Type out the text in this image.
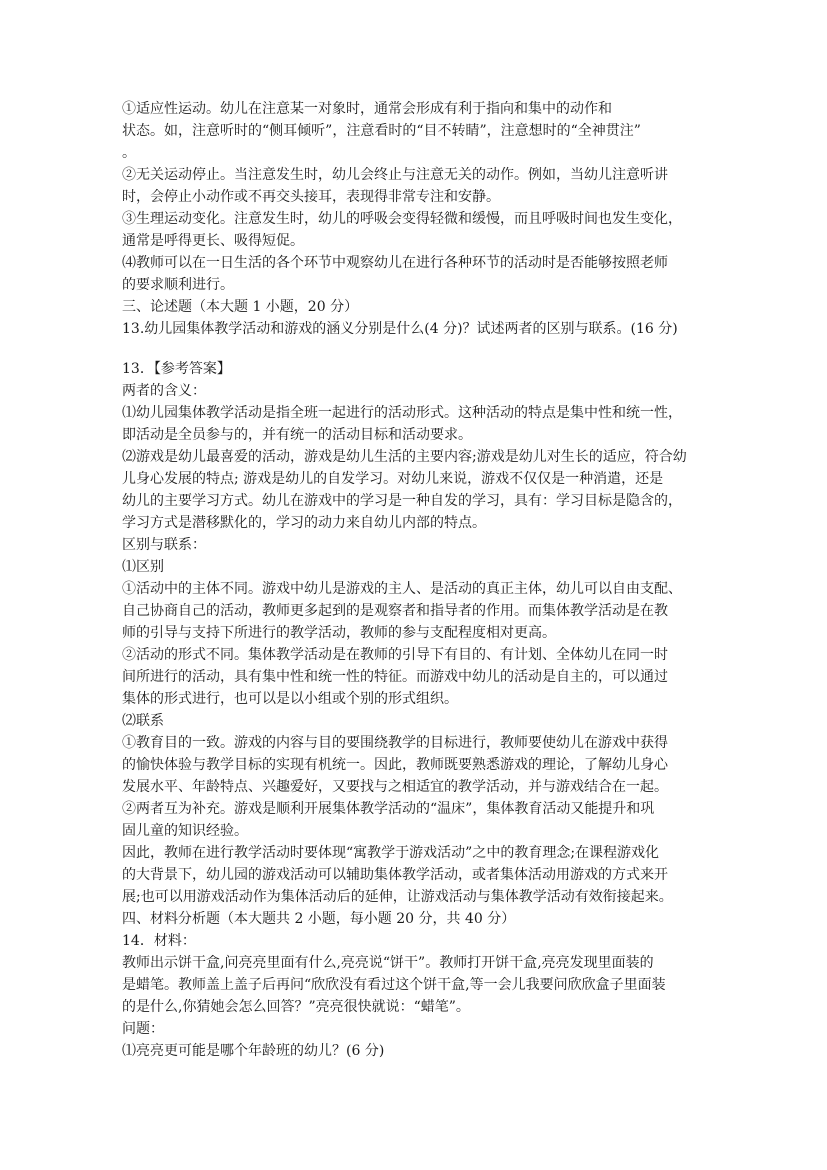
①适应性运动。幼儿在注意某一对象时，通常会形成有利于指向和集中的动作和
状态。如，注意听时的“侧耳倾听”，注意看时的“目不转睛”，注意想时的“全神贯注”
。
②无关运动停止。当注意发生时，幼儿会终止与注意无关的动作。例如，当幼儿注意听讲
时，会停止小动作或不再交头接耳，表现得非常专注和安静。
③生理运动变化。注意发生时，幼儿的呼吸会变得轻微和缓慢，而且呼吸时间也发生变化，
通常是呼得更长、吸得短促。
⑷教师可以在一日生活的各个环节中观察幼儿在进行各种环节的活动时是否能够按照老师
的要求顺利进行。
三、论述题（本大题 1 小题，20 分）
13.幼儿园集体教学活动和游戏的涵义分别是什么(4 分)？试述两者的区别与联系。(16 分)
13．【参考答案】
两者的含义：
⑴幼儿园集体教学活动是指全班一起进行的活动形式。这种活动的特点是集中性和统一性，
即活动是全员参与的，并有统一的活动目标和活动要求。
⑵游戏是幼儿最喜爱的活动，游戏是幼儿生活的主要内容;游戏是幼儿对生长的适应，符合幼
儿身心发展的特点; 游戏是幼儿的自发学习。对幼儿来说，游戏不仅仅是一种消遣，还是
幼儿的主要学习方式。幼儿在游戏中的学习是一种自发的学习，具有：学习目标是隐含的，
学习方式是潜移默化的，学习的动力来自幼儿内部的特点。
区别与联系：
⑴区别
①活动中的主体不同。游戏中幼儿是游戏的主人、是活动的真正主体，幼儿可以自由支配、
自己协商自己的活动，教师更多起到的是观察者和指导者的作用。而集体教学活动是在教
师的引导与支持下所进行的教学活动，教师的参与支配程度相对更高。
②活动的形式不同。集体教学活动是在教师的引导下有目的、有计划、全体幼儿在同一时
间所进行的活动，具有集中性和统一性的特征。而游戏中幼儿的活动是自主的，可以通过
集体的形式进行，也可以是以小组或个别的形式组织。
⑵联系
①教育目的一致。游戏的内容与目的要围绕教学的目标进行，教师要使幼儿在游戏中获得
的愉快体验与教学目标的实现有机统一。因此，教师既要熟悉游戏的理论，了解幼儿身心
发展水平、年龄特点、兴趣爱好，又要找与之相适宜的教学活动，并与游戏结合在一起。
②两者互为补充。游戏是顺利开展集体教学活动的“温床”，集体教育活动又能提升和巩
固儿童的知识经验。
因此，教师在进行教学活动时要体现“寓教学于游戏活动”之中的教育理念;在课程游戏化
的大背景下，幼儿园的游戏活动可以辅助集体教学活动，或者集体活动用游戏的方式来开
展;也可以用游戏活动作为集体活动后的延伸，让游戏活动与集体教学活动有效衔接起来。
四、材料分析题（本大题共 2 小题，每小题 20 分，共 40 分）
14．材料：
教师出示饼干盒,问亮亮里面有什么,亮亮说“饼干”。教师打开饼干盒,亮亮发现里面装的
是蜡笔。教师盖上盖子后再问“欣欣没有看过这个饼干盒,等一会儿我要问欣欣盒子里面装
的是什么,你猜她会怎么回答？”亮亮很快就说：“蜡笔”。
问题：
⑴亮亮更可能是哪个年龄班的幼儿？(6 分)
